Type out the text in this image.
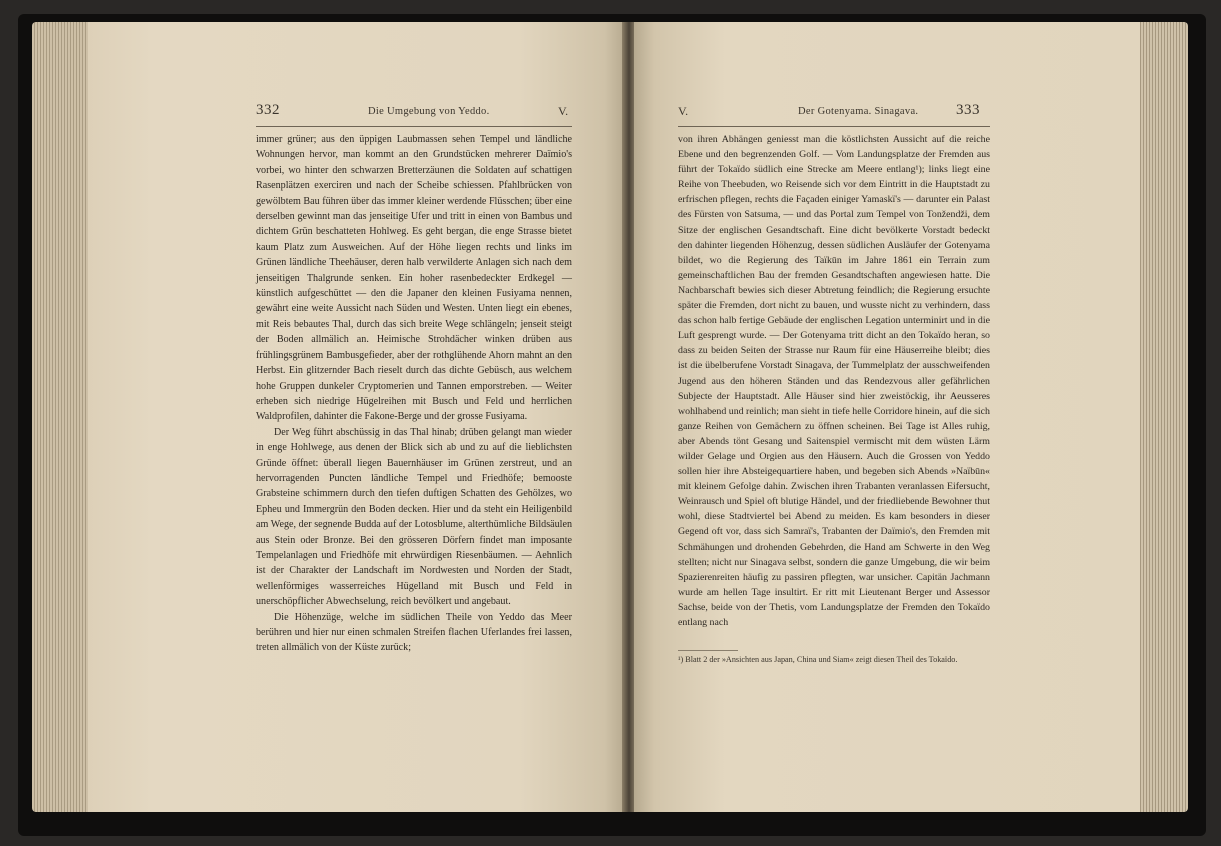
332	Die Umgebung von Yeddo.	V.

immer grüner; aus den üppigen Laubmassen sehen Tempel und ländliche Wohnungen hervor, man kommt an den Grundstücken mehrerer Daïmio's vorbei, wo hinter den schwarzen Bretterzäunen die Soldaten auf schattigen Rasenplätzen exerciren und nach der Scheibe schiessen. Pfahlbrücken von gewölbtem Bau führen über das immer kleiner werdende Flüsschen; über eine derselben gewinnt man das jenseitige Ufer und tritt in einen von Bambus und dichtem Grün beschatteten Hohlweg. Es geht bergan, die enge Strasse bietet kaum Platz zum Ausweichen. Auf der Höhe liegen rechts und links im Grünen ländliche Theehäuser, deren halb verwilderte Anlagen sich nach dem jenseitigen Thalgrunde senken. Ein hoher rasenbedeckter Erdkegel — künstlich aufgeschüttet — den die Japaner den kleinen Fusiyama nennen, gewährt eine weite Aussicht nach Süden und Westen. Unten liegt ein ebenes, mit Reis bebautes Thal, durch das sich breite Wege schlängeln; jenseit steigt der Boden allmälich an. Heimische Strohdächer winken drüben aus frühlingsgrünem Bambusgefieder, aber der rothglühende Ahorn mahnt an den Herbst. Ein glitzernder Bach rieselt durch das dichte Gebüsch, aus welchem hohe Gruppen dunkeler Cryptomerien und Tannen emporstreben. — Weiter erheben sich niedrige Hügelreihen mit Busch und Feld und herrlichen Waldprofilen, dahinter die Fakone-Berge und der grosse Fusiyama.

Der Weg führt abschüssig in das Thal hinab; drüben gelangt man wieder in enge Hohlwege, aus denen der Blick sich ab und zu auf die lieblichsten Gründe öffnet: überall liegen Bauernhäuser im Grünen zerstreut, und an hervorragenden Puncten ländliche Tempel und Friedhöfe; bemooste Grabsteine schimmern durch den tiefen duftigen Schatten des Gehölzes, wo Epheu und Immergrün den Boden decken. Hier und da steht ein Heiligenbild am Wege, der segnende Budda auf der Lotosblume, alterthümliche Bildsäulen aus Stein oder Bronze. Bei den grösseren Dörfern findet man imposante Tempelanlagen und Friedhöfe mit ehrwürdigen Riesenbäumen. — Aehnlich ist der Charakter der Landschaft im Nordwesten und Norden der Stadt, wellenförmiges wasserreiches Hügelland mit Busch und Feld in unerschöpflicher Abwechselung, reich bevölkert und angebaut.

Die Höhenzüge, welche im südlichen Theile von Yeddo das Meer berühren und hier nur einen schmalen Streifen flachen Uferlandes frei lassen, treten allmälich von der Küste zurück;

V.	Der Gotenyama. Sinagava.	333

von ihren Abhängen geniesst man die köstlichsten Aussicht auf die reiche Ebene und den begrenzenden Golf. — Vom Landungsplatze der Fremden aus führt der Tokaïdo südlich eine Strecke am Meere entlang¹); links liegt eine Reihe von Theebuden, wo Reisende sich vor dem Eintritt in die Hauptstadt zu erfrischen pflegen, rechts die Façaden einiger Yamaskï's — darunter ein Palast des Fürsten von Satsuma, — und das Portal zum Tempel von Tonžendži, dem Sitze der englischen Gesandtschaft. Eine dicht bevölkerte Vorstadt bedeckt den dahinter liegenden Höhenzug, dessen südlichen Ausläufer der Gotenyama bildet, wo die Regierung des Taïkūn im Jahre 1861 ein Terrain zum gemeinschaftlichen Bau der fremden Gesandtschaften angewiesen hatte. Die Nachbarschaft bewies sich dieser Abtretung feindlich; die Regierung ersuchte später die Fremden, dort nicht zu bauen, und wusste nicht zu verhindern, dass das schon halb fertige Gebäude der englischen Legation unterminirt und in die Luft gesprengt wurde. — Der Gotenyama tritt dicht an den Tokaïdo heran, so dass zu beiden Seiten der Strasse nur Raum für eine Häuserreihe bleibt; dies ist die übelberufene Vorstadt Sinagava, der Tummelplatz der ausschweifenden Jugend aus den höheren Ständen und das Rendezvous aller gefährlichen Subjecte der Hauptstadt. Alle Häuser sind hier zweistöckig, ihr Aeusseres wohlhabend und reinlich; man sieht in tiefe helle Corridore hinein, auf die sich ganze Reihen von Gemächern zu öffnen scheinen. Bei Tage ist Alles ruhig, aber Abends tönt Gesang und Saitenspiel vermischt mit dem wüsten Lärm wilder Gelage und Orgien aus den Häusern. Auch die Grossen von Yeddo sollen hier ihre Absteigequartiere haben, und begeben sich Abends »Naïbūn« mit kleinem Gefolge dahin. Zwischen ihren Trabanten veranlassen Eifersucht, Weinrausch und Spiel oft blutige Händel, und der friedliebende Bewohner thut wohl, diese Stadtviertel bei Abend zu meiden. Es kam besonders in dieser Gegend oft vor, dass sich Samraï's, Trabanten der Daïmio's, den Fremden mit Schmähungen und drohenden Gebehrden, die Hand am Schwerte in den Weg stellten; nicht nur Sinagava selbst, sondern die ganze Umgebung, die wir beim Spazierenreiten häufig zu passiren pflegten, war unsicher. Capitän Jachmann wurde am hellen Tage insultirt. Er ritt mit Lieutenant Berger und Assessor Sachse, beide von der Thetis, vom Landungsplatze der Fremden den Tokaïdo entlang nach

¹) Blatt 2 der »Ansichten aus Japan, China und Siam« zeigt diesen Theil des Tokaïdo.
